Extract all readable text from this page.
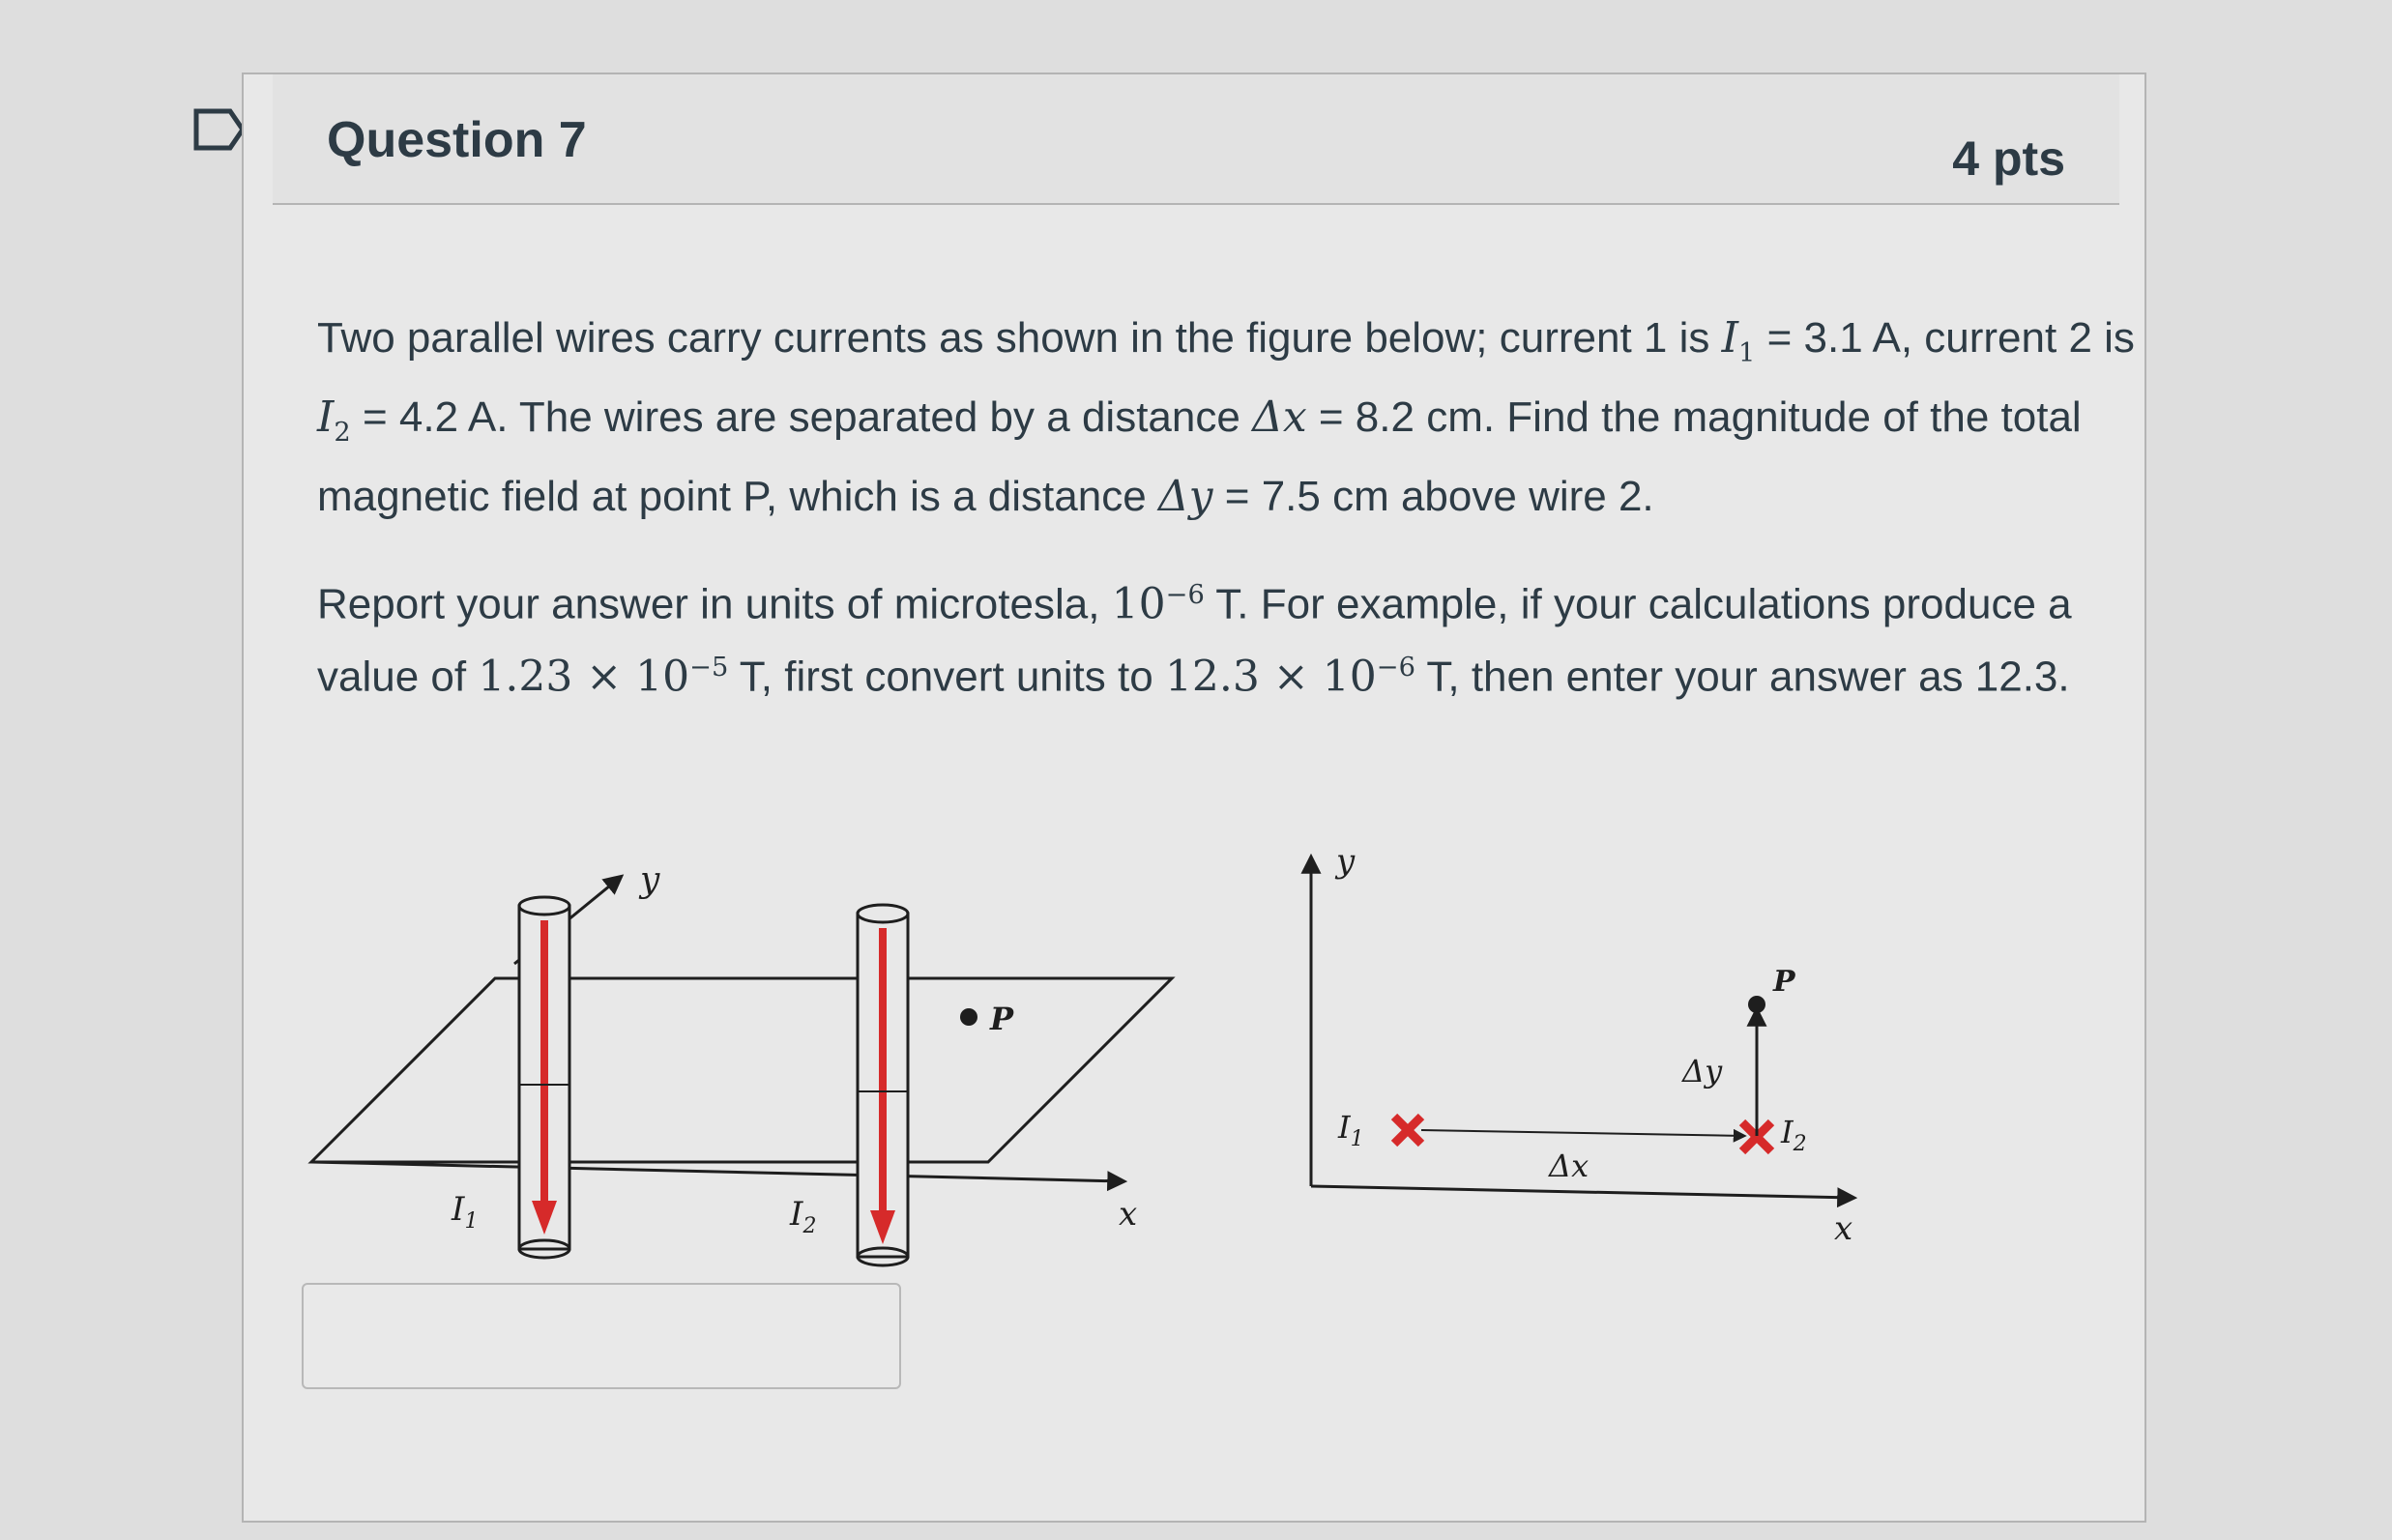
Question 7	4 pts

Two parallel wires carry currents as shown in the figure below; current 1 is $I_1 = 3.1$ A, current 2 is $I_2 = 4.2$ A. The wires are separated by a distance Δx = 8.2 cm. Find the magnitude of the total magnetic field at point P, which is a distance Δy = 7.5 cm above wire 2.

Report your answer in units of microtesla, $10^{-6}$ T. For example, if your calculations produce a value of $1.23 \times 10^{-5}$ T, first convert units to $12.3 \times 10^{-6}$ T, then enter your answer as 12.3.

y
x
$I_1$	$I_2$
P
y
x
$I_1$
Δx
$I_2$
Δy
P
